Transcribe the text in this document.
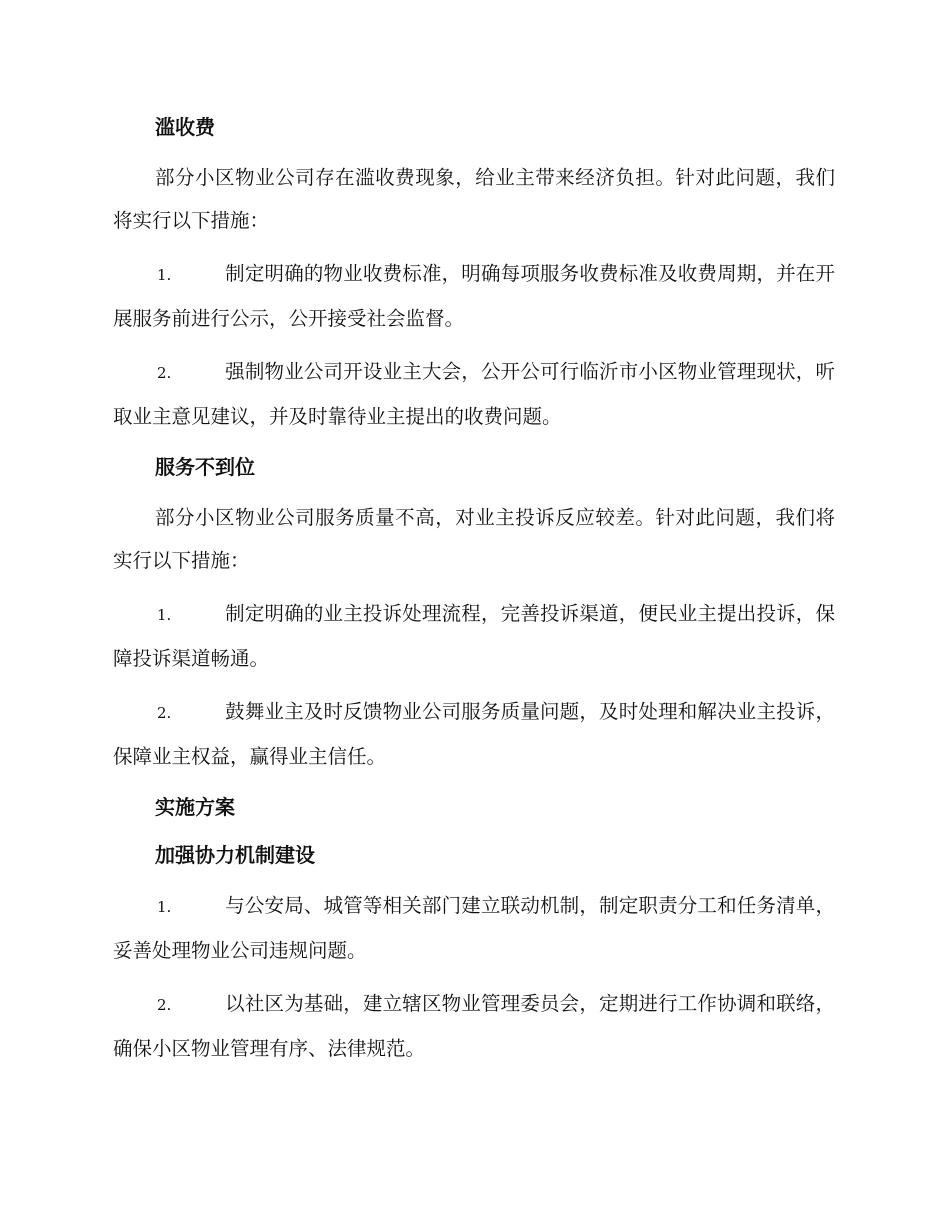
滥收费

部分小区物业公司存在滥收费现象，给业主带来经济负担。针对此问题，我们将实行以下措施：

1.	制定明确的物业收费标准，明确每项服务收费标准及收费周期，并在开展服务前进行公示，公开接受社会监督。

2.	强制物业公司开设业主大会，公开公可行临沂市小区物业管理现状，听取业主意见建议，并及时靠待业主提出的收费问题。

服务不到位

部分小区物业公司服务质量不高，对业主投诉反应较差。针对此问题，我们将实行以下措施：

1.	制定明确的业主投诉处理流程，完善投诉渠道，便民业主提出投诉，保障投诉渠道畅通。

2.	鼓舞业主及时反馈物业公司服务质量问题，及时处理和解决业主投诉，保障业主权益，赢得业主信任。

实施方案
加强协力机制建设

1.	与公安局、城管等相关部门建立联动机制，制定职责分工和任务清单，妥善处理物业公司违规问题。

2.	以社区为基础，建立辖区物业管理委员会，定期进行工作协调和联络，确保小区物业管理有序、法律规范。
